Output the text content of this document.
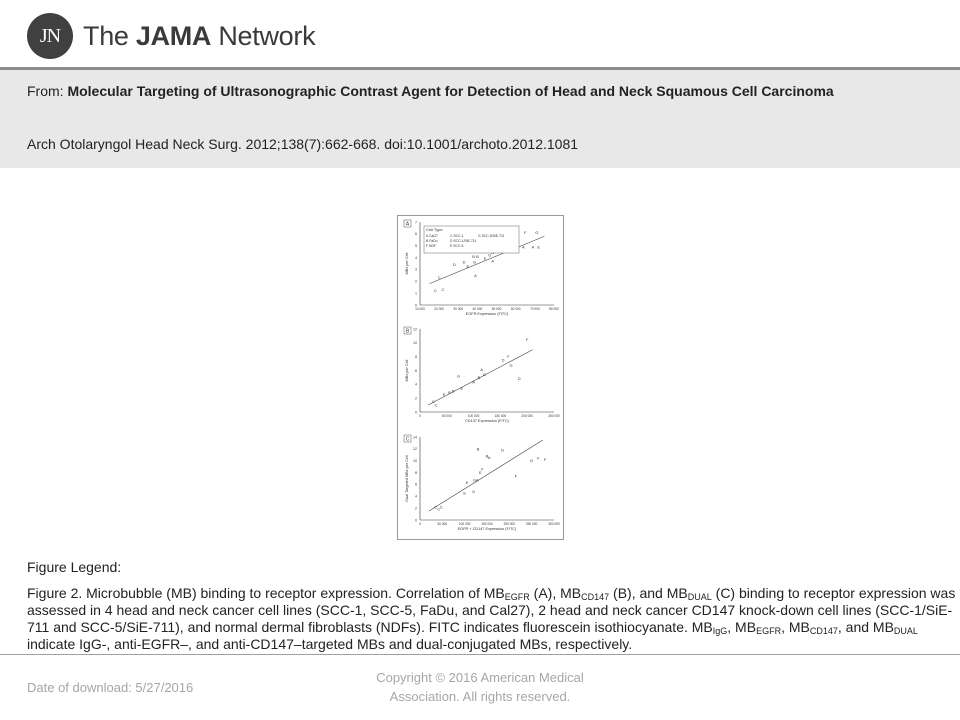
JN The JAMA Network
From: Molecular Targeting of Ultrasonographic Contrast Agent for Detection of Head and Neck Squamous Cell Carcinoma
Arch Otolaryngol Head Neck Surg. 2012;138(7):662-668. doi:10.1001/archoto.2012.1081
A
0
1
2
3
4
5
6
7
10 000	20 000	30 000	40 000	50 000	60 000	70 000	80 000
EGFR Expression (FITC)
MBs per Cell
C C
C
D D
E
B B
G
A
E A
G
A A E
F G
B
0
2
4
6
8
10
12
0	50 000	100 000	150 000	200 000	250 000
CD147 Expression (FITC)
MBs per Cell
C
C
E B D
G
E
A
B
A
G
D
F
G
F
D
C
0
2
4
6
8
10
12
14
0	50 000	100 000	150 000	200 000	250 000	300 000
EGFR + CD147 Expression (FITC)
Dual Targeted MBs per Cell
C C C
E
E
G
G A
B
E
F
B A
D
F
D F F
Cell Type
A Cal27
B FaDu
F NDF
C SCC-1
D SCC-1/SiE-711
E SCC-5
G SCC-5/SiE-711
Figure Legend:
Figure 2. Microbubble (MB) binding to receptor expression. Correlation of $MB_{EGFR}$ (A), $MB_{CD147}$ (B), and $MB_{DUAL}$ (C) binding to receptor expression was assessed in 4 head and neck cancer cell lines (SCC-1, SCC-5, FaDu, and Cal27), 2 head and neck cancer CD147 knock-down cell lines (SCC-1/SiE-711 and SCC-5/SiE-711), and normal dermal fibroblasts (NDFs). FITC indicates fluorescein isothiocyanate. $MB_{IgG}$, $MB_{EGFR}$, $MB_{CD147}$, and $MB_{DUAL}$ indicate IgG-, anti-EGFR–, and anti-CD147–targeted MBs and dual-conjugated MBs, respectively.
Date of download: 5/27/2016
Copyright © 2016 American Medical Association. All rights reserved.
